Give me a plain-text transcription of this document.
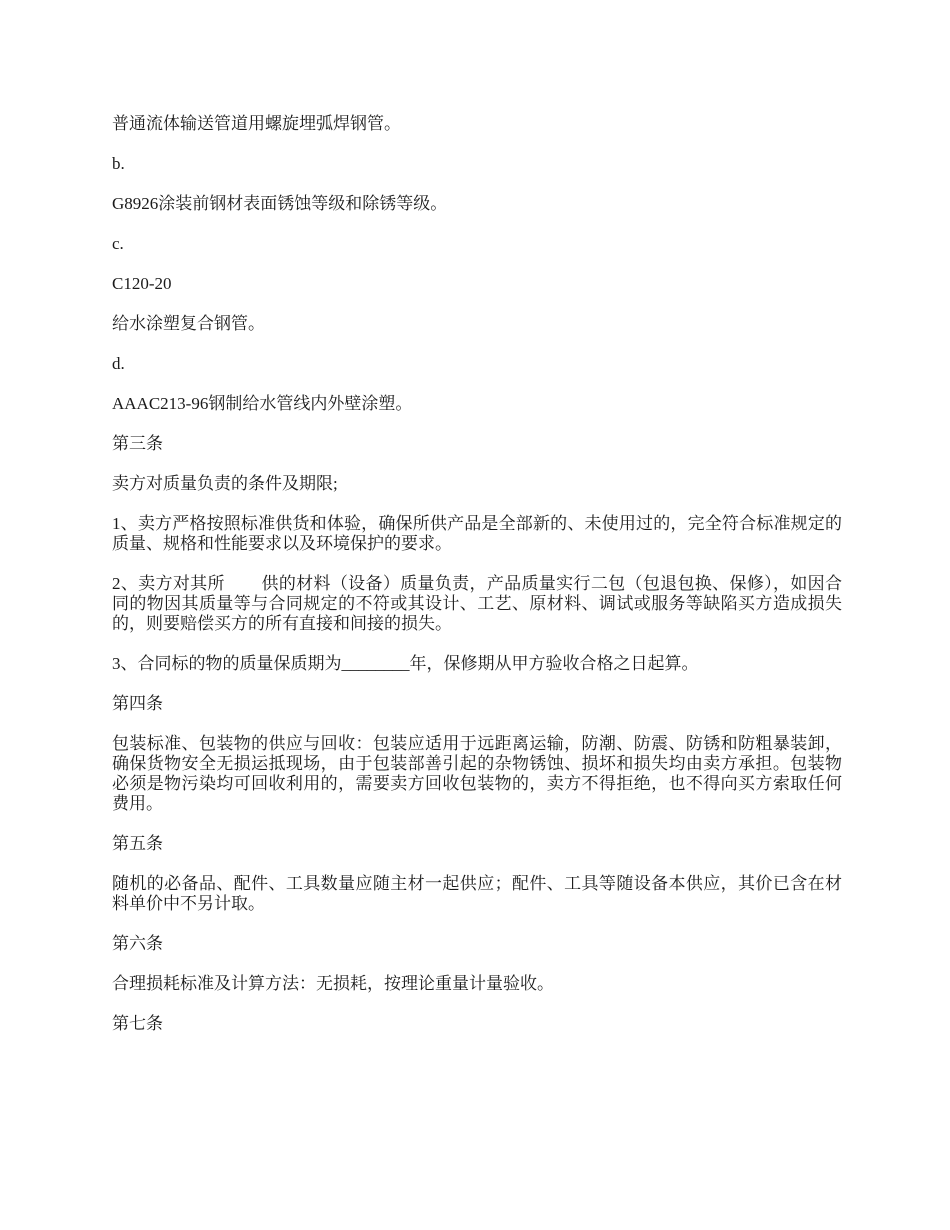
普通流体输送管道用螺旋埋弧焊钢管。

b.

G8926涂装前钢材表面锈蚀等级和除锈等级。

c.

C120-20

给水涂塑复合钢管。

d.

AAAC213-96钢制给水管线内外壁涂塑。

第三条

卖方对质量负责的条件及期限;

1、卖方严格按照标准供货和体验，确保所供产品是全部新的、未使用过的，完全符合标准规定的质量、规格和性能要求以及环境保护的要求。

2、卖方对其所        供的材料（设备）质量负责，产品质量实行二包（包退包换、保修），如因合同的物因其质量等与合同规定的不符或其设计、工艺、原材料、调试或服务等缺陷买方造成损失的，则要赔偿买方的所有直接和间接的损失。

3、合同标的物的质量保质期为________年，保修期从甲方验收合格之日起算。

第四条

包装标准、包装物的供应与回收：包装应适用于远距离运输，防潮、防震、防锈和防粗暴装卸，确保货物安全无损运抵现场，由于包装部善引起的杂物锈蚀、损坏和损失均由卖方承担。包装物必须是物污染均可回收利用的，需要卖方回收包装物的，卖方不得拒绝，也不得向买方索取任何费用。

第五条

随机的必备品、配件、工具数量应随主材一起供应；配件、工具等随设备本供应，其价已含在材料单价中不另计取。

第六条

合理损耗标准及计算方法：无损耗，按理论重量计量验收。

第七条
